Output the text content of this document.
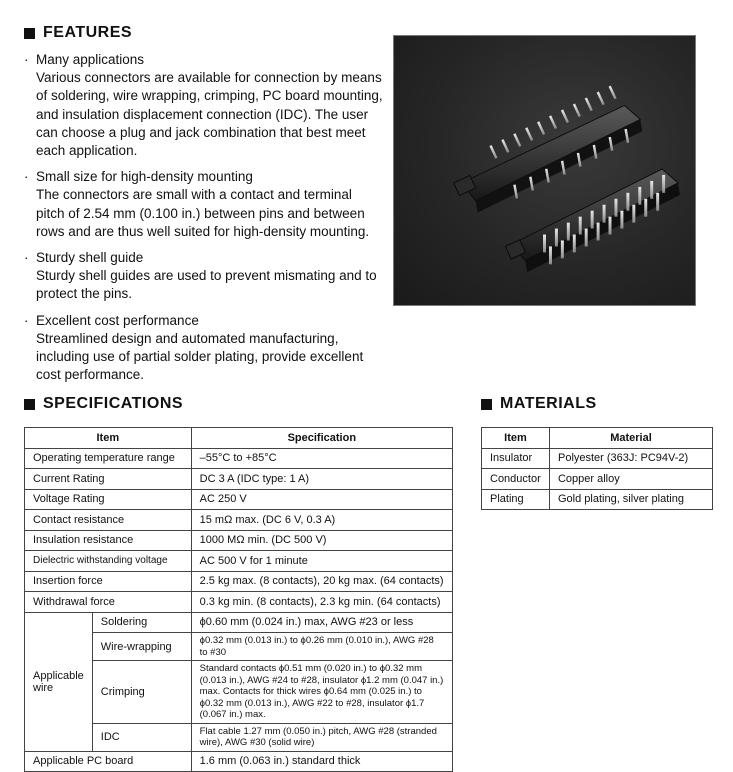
FEATURES
· Many applications
Various connectors are available for connection by means of soldering, wire wrapping, crimping, PC board mounting, and insulation displacement connection (IDC). The user can choose a plug and jack combination that best meet each application.
· Small size for high-density mounting
The connectors are small with a contact and terminal pitch of 2.54 mm (0.100 in.) between pins and between rows and are thus well suited for high-density mounting.
· Sturdy shell guide
Sturdy shell guides are used to prevent mismating and to protect the pins.
· Excellent cost performance
Streamlined design and automated manufacturing, including use of partial solder plating, provide excellent cost performance.
SPECIFICATIONS
Item		Specification
Operating temperature range		–55°C to +85°C
Current Rating		DC 3 A (IDC type: 1 A)
Voltage Rating		AC 250 V
Contact resistance		15 mΩ max. (DC 6 V, 0.3 A)
Insulation resistance		1000 MΩ min. (DC 500 V)
Dielectric withstanding voltage		AC 500 V for 1 minute
Insertion force		2.5 kg max. (8 contacts), 20 kg max. (64 contacts)
Withdrawal force		0.3 kg min. (8 contacts), 2.3 kg min. (64 contacts)
Applicable wire	Soldering	ϕ0.60 mm (0.024 in.) max, AWG #23 or less
	Wire-wrapping	ϕ0.32 mm (0.013 in.) to ϕ0.26 mm (0.010 in.), AWG #28 to #30
	Crimping	Standard contacts ϕ0.51 mm (0.020 in.) to ϕ0.32 mm (0.013 in.), AWG #24 to #28, insulator ϕ1.2 mm (0.047 in.) max. Contacts for thick wires ϕ0.64 mm (0.025 in.) to ϕ0.32 mm (0.013 in.), AWG #22 to #28, insulator ϕ1.7 (0.067 in.) max.
	IDC	Flat cable 1.27 mm (0.050 in.) pitch, AWG #28 (stranded wire), AWG #30 (solid wire)
Applicable PC board		1.6 mm (0.063 in.) standard thick
MATERIALS
Item	Material
Insulator	Polyester (363J: PC94V-2)
Conductor	Copper alloy
Plating	Gold plating, silver plating
